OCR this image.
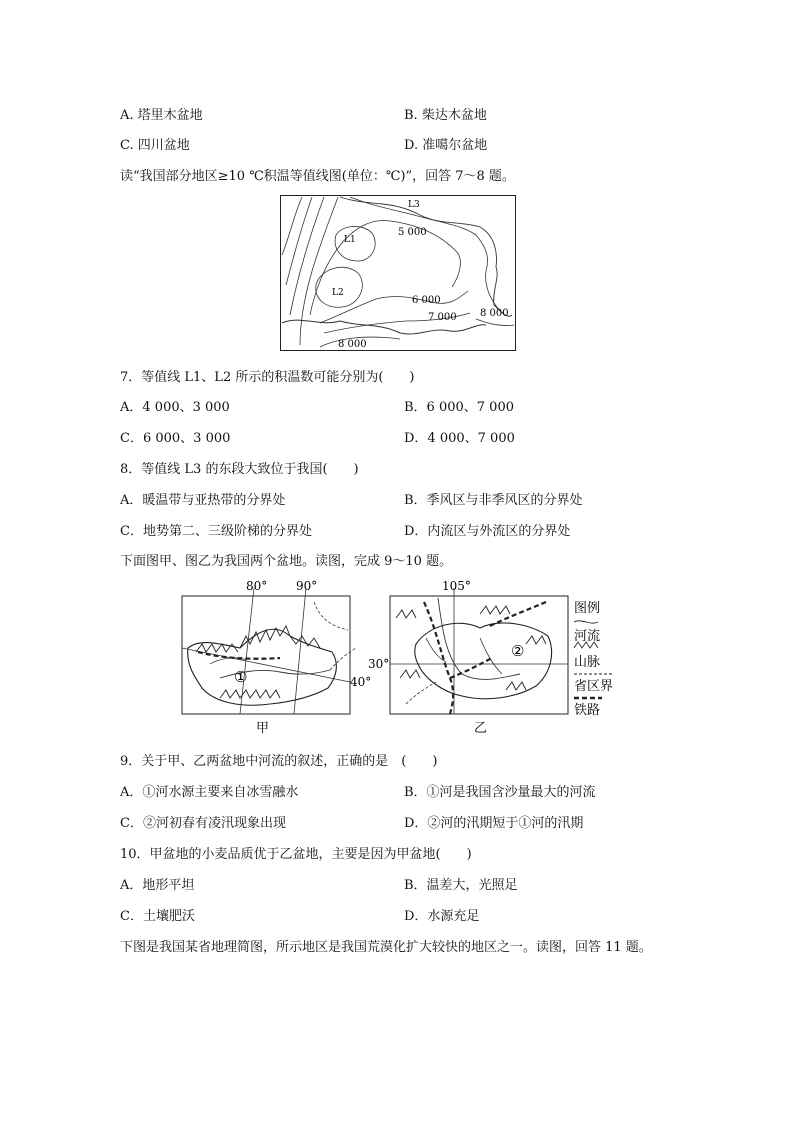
A. 塔里木盆地	B. 柴达木盆地
C. 四川盆地	D. 准噶尔盆地
读“我国部分地区≥10 ℃积温等值线图(单位：℃)”，回答 7～8 题。
L3
L1
L2
5 000
6 000
7 000 8 000
8 000
7．等值线 L1、L2 所示的积温数可能分别为(　　)
A．4 000、3 000	B．6 000、7 000
C．6 000、3 000	D．4 000、7 000
8．等值线 L3 的东段大致位于我国(　　)
A．暖温带与亚热带的分界处	B．季风区与非季风区的分界处
C．地势第二、三级阶梯的分界处	D．内流区与外流区的分界处
下面图甲、图乙为我国两个盆地。读图，完成 9～10 题。
80° 90°
40°
①
甲
105°
30°
②
乙
图例
河流
山脉
省区界
铁路
9．关于甲、乙两盆地中河流的叙述，正确的是　(　　)
A．①河水源主要来自冰雪融水	B．①河是我国含沙量最大的河流
C．②河初春有凌汛现象出现	D．②河的汛期短于①河的汛期
10．甲盆地的小麦品质优于乙盆地，主要是因为甲盆地(　　)
A．地形平坦	B．温差大，光照足
C．土壤肥沃	D．水源充足
下图是我国某省地理简图，所示地区是我国荒漠化扩大较快的地区之一。读图，回答 11 题。
